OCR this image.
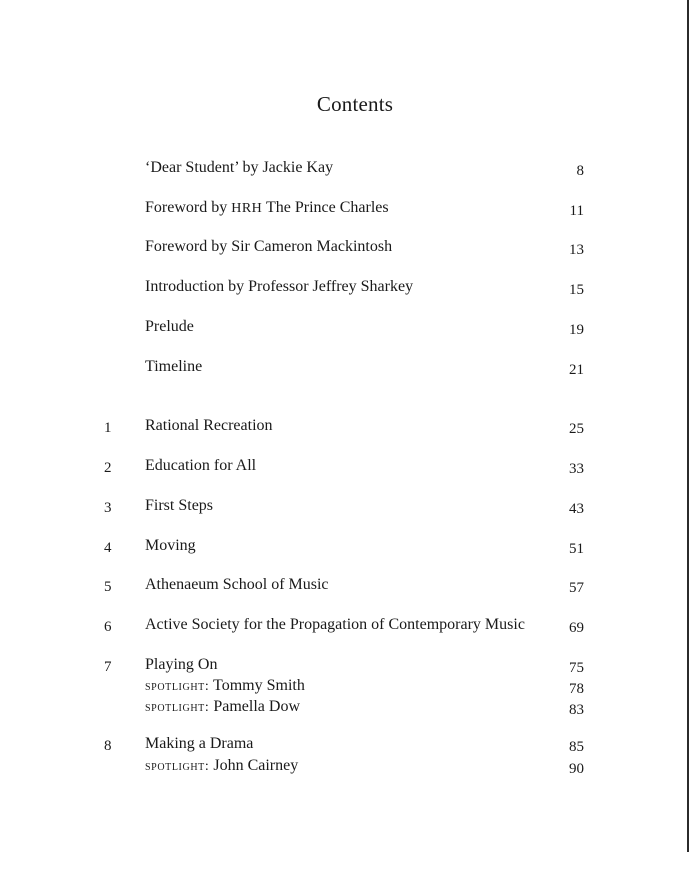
Contents
‘Dear Student’ by Jackie Kay	8
Foreword by HRH The Prince Charles	11
Foreword by Sir Cameron Mackintosh	13
Introduction by Professor Jeffrey Sharkey	15
Prelude	19
Timeline	21
1 Rational Recreation	25
2 Education for All	33
3 First Steps	43
4 Moving	51
5 Athenaeum School of Music	57
6 Active Society for the Propagation of Contemporary Music	69
7 Playing On	75
spotlight: Tommy Smith	78
spotlight: Pamella Dow	83
8 Making a Drama	85
spotlight: John Cairney	90
